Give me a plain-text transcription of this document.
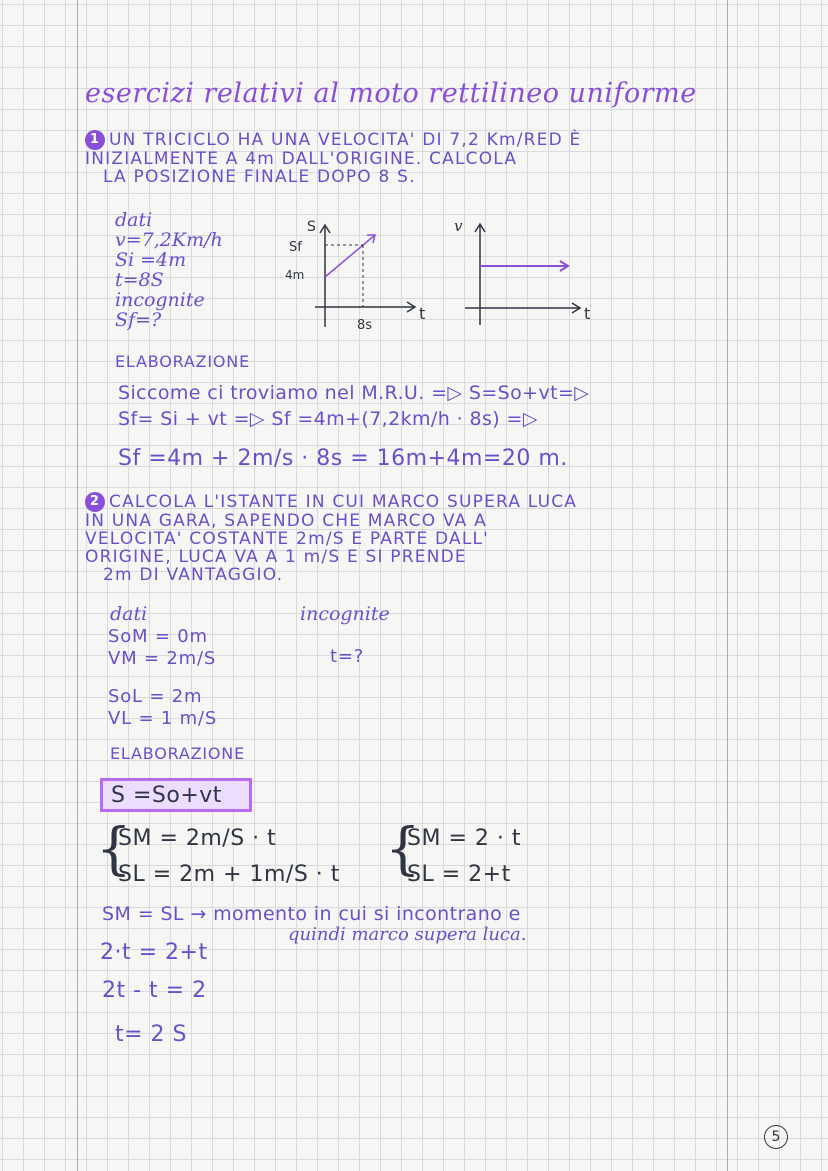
esercizi relativi al moto rettilineo uniforme
1 UN TRICICLO HA UNA VELOCITA' DI 7,2 Km/RED È
INIZIALMENTE A 4m DALL'ORIGINE. CALCOLA
LA POSIZIONE FINALE DOPO 8 S.
dati
v=7,2Km/h
Si =4m
t=8S
incognite
Sf=?
S
Sf
4m
8s
t
v
t
ELABORAZIONE
Siccome ci troviamo nel M.R.U. =▷ S=So+vt=▷
Sf= Si + vt =▷ Sf =4m+(7,2km/h · 8s) =▷
Sf =4m + 2m/s · 8s = 16m+4m=20 m.
2 CALCOLA L'ISTANTE IN CUI MARCO SUPERA LUCA
IN UNA GARA, SAPENDO CHE MARCO VA A
VELOCITA' COSTANTE 2m/S E PARTE DALL'
ORIGINE, LUCA VA A 1 m/S E SI PRENDE
2m DI VANTAGGIO.
dati	incognite
SoM = 0m
VM = 2m/S	t=?
SoL = 2m
VL = 1 m/S
ELABORAZIONE
S =So+vt
{
SM = 2m/S · t
SL = 2m + 1m/S · t {
SM = 2 · t
SL = 2+t
SM = SL → momento in cui si incontrano e
quindi marco supera luca.
2·t = 2+t
2t - t = 2
t= 2 S
5
